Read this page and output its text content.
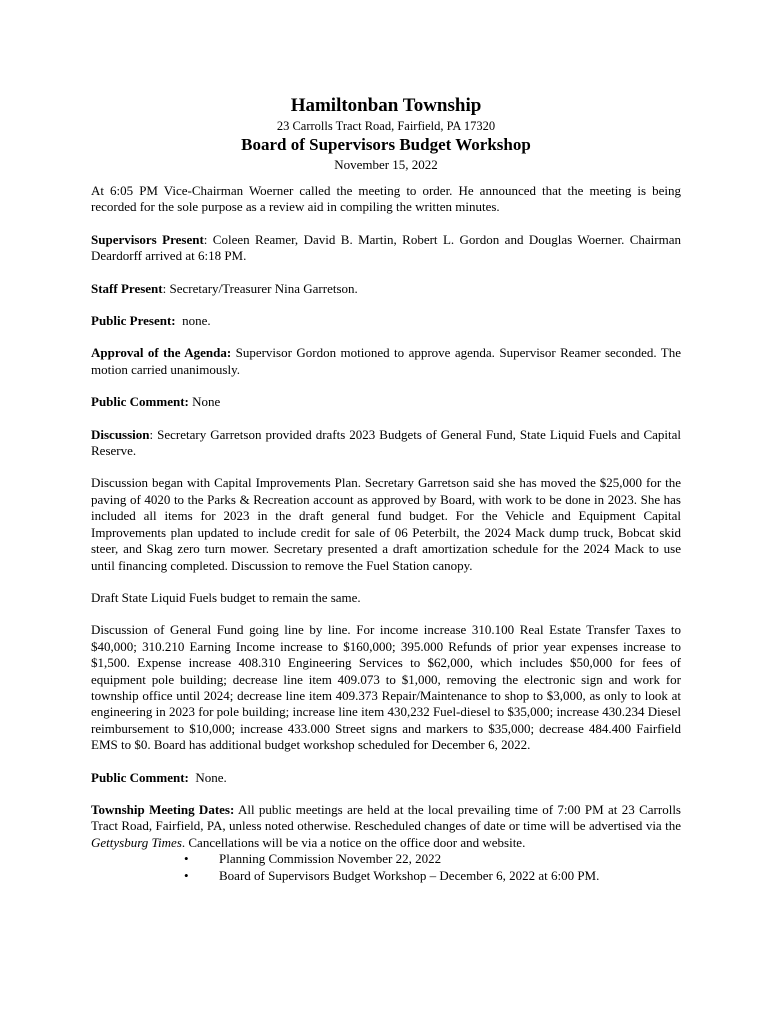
Hamiltonban Township
23 Carrolls Tract Road, Fairfield, PA 17320
Board of Supervisors Budget Workshop
November 15, 2022

At 6:05 PM Vice-Chairman Woerner called the meeting to order. He announced that the meeting is being recorded for the sole purpose as a review aid in compiling the written minutes.

Supervisors Present: Coleen Reamer, David B. Martin, Robert L. Gordon and Douglas Woerner. Chairman Deardorff arrived at 6:18 PM.

Staff Present: Secretary/Treasurer Nina Garretson.

Public Present:  none.

Approval of the Agenda: Supervisor Gordon motioned to approve agenda. Supervisor Reamer seconded. The motion carried unanimously.

Public Comment: None

Discussion: Secretary Garretson provided drafts 2023 Budgets of General Fund, State Liquid Fuels and Capital Reserve.

Discussion began with Capital Improvements Plan. Secretary Garretson said she has moved the $25,000 for the paving of 4020 to the Parks & Recreation account as approved by Board, with work to be done in 2023. She has included all items for 2023 in the draft general fund budget. For the Vehicle and Equipment Capital Improvements plan updated to include credit for sale of 06 Peterbilt, the 2024 Mack dump truck, Bobcat skid steer, and Skag zero turn mower. Secretary presented a draft amortization schedule for the 2024 Mack to use until financing completed. Discussion to remove the Fuel Station canopy.

Draft State Liquid Fuels budget to remain the same.

Discussion of General Fund going line by line. For income increase 310.100 Real Estate Transfer Taxes to $40,000; 310.210 Earning Income increase to $160,000; 395.000 Refunds of prior year expenses increase to $1,500. Expense increase 408.310 Engineering Services to $62,000, which includes $50,000 for fees of equipment pole building; decrease line item 409.073 to $1,000, removing the electronic sign and work for township office until 2024; decrease line item 409.373 Repair/Maintenance to shop to $3,000, as only to look at engineering in 2023 for pole building; increase line item 430,232 Fuel-diesel to $35,000; increase 430.234 Diesel reimbursement to $10,000; increase 433.000 Street signs and markers to $35,000; decrease 484.400 Fairfield EMS to $0. Board has additional budget workshop scheduled for December 6, 2022.

Public Comment:  None.

Township Meeting Dates: All public meetings are held at the local prevailing time of 7:00 PM at 23 Carrolls Tract Road, Fairfield, PA, unless noted otherwise. Rescheduled changes of date or time will be advertised via the Gettysburg Times. Cancellations will be via a notice on the office door and website.

• Planning Commission November 22, 2022
• Board of Supervisors Budget Workshop – December 6, 2022 at 6:00 PM.
